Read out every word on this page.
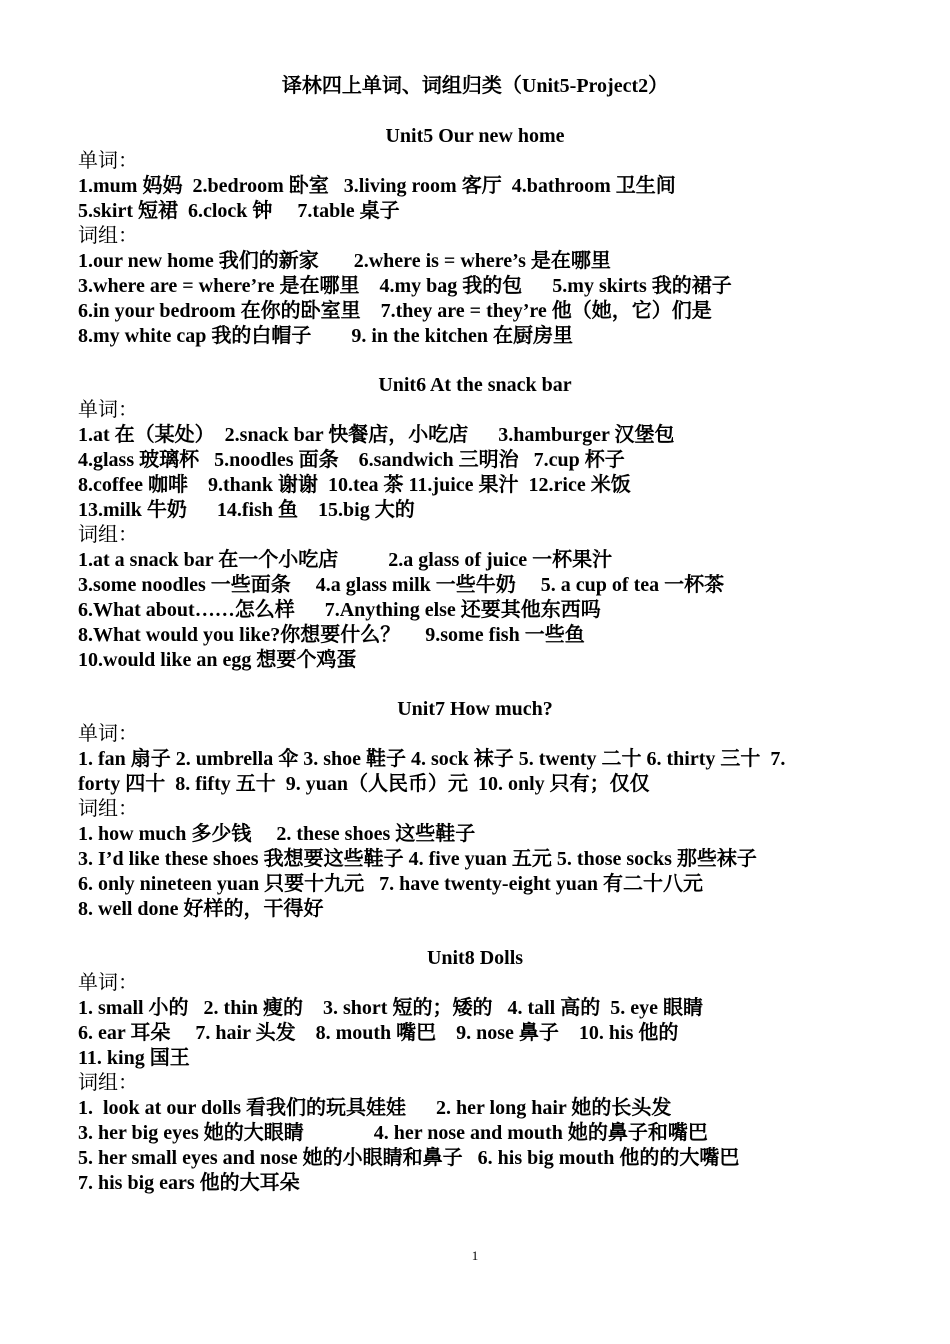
译林四上单词、词组归类（Unit5-Project2）
Unit5 Our new home
单词：
1.mum 妈妈  2.bedroom 卧室   3.living room 客厅  4.bathroom 卫生间
5.skirt 短裙  6.clock 钟     7.table 桌子
词组：
1.our new home 我们的新家       2.where is = where’s 是在哪里
3.where are = where’re 是在哪里    4.my bag 我的包      5.my skirts 我的裙子
6.in your bedroom 在你的卧室里    7.they are = they’re 他（她，它）们是
8.my white cap 我的白帽子        9. in the kitchen 在厨房里
Unit6 At the snack bar
单词：
1.at 在（某处）  2.snack bar 快餐店，小吃店      3.hamburger 汉堡包
4.glass 玻璃杯   5.noodles 面条    6.sandwich 三明治   7.cup 杯子
8.coffee 咖啡    9.thank 谢谢  10.tea 茶 11.juice 果汁  12.rice 米饭
13.milk 牛奶      14.fish 鱼    15.big 大的
词组：
1.at a snack bar 在一个小吃店          2.a glass of juice 一杯果汁
3.some noodles 一些面条     4.a glass milk 一些牛奶     5. a cup of tea 一杯茶
6.What about……怎么样      7.Anything else 还要其他东西吗
8.What would you like?你想要什么？     9.some fish 一些鱼
10.would like an egg 想要个鸡蛋
Unit7 How much?
单词：
1. fan 扇子 2. umbrella 伞 3. shoe 鞋子 4. sock 袜子 5. twenty 二十 6. thirty 三十  7.
forty 四十  8. fifty 五十  9. yuan（人民币）元  10. only 只有；仅仅
词组：
1. how much 多少钱     2. these shoes 这些鞋子
3. I’d like these shoes 我想要这些鞋子 4. five yuan 五元 5. those socks 那些袜子
6. only nineteen yuan 只要十九元   7. have twenty-eight yuan 有二十八元
8. well done 好样的，干得好
Unit8 Dolls
单词：
1. small 小的   2. thin 瘦的    3. short 短的；矮的   4. tall 高的  5. eye 眼睛
6. ear 耳朵     7. hair 头发    8. mouth 嘴巴    9. nose 鼻子    10. his 他的
11. king 国王
词组：
1.  look at our dolls 看我们的玩具娃娃      2. her long hair 她的长头发
3. her big eyes 她的大眼睛              4. her nose and mouth 她的鼻子和嘴巴
5. her small eyes and nose 她的小眼睛和鼻子   6. his big mouth 他的的大嘴巴
7. his big ears 他的大耳朵
1
